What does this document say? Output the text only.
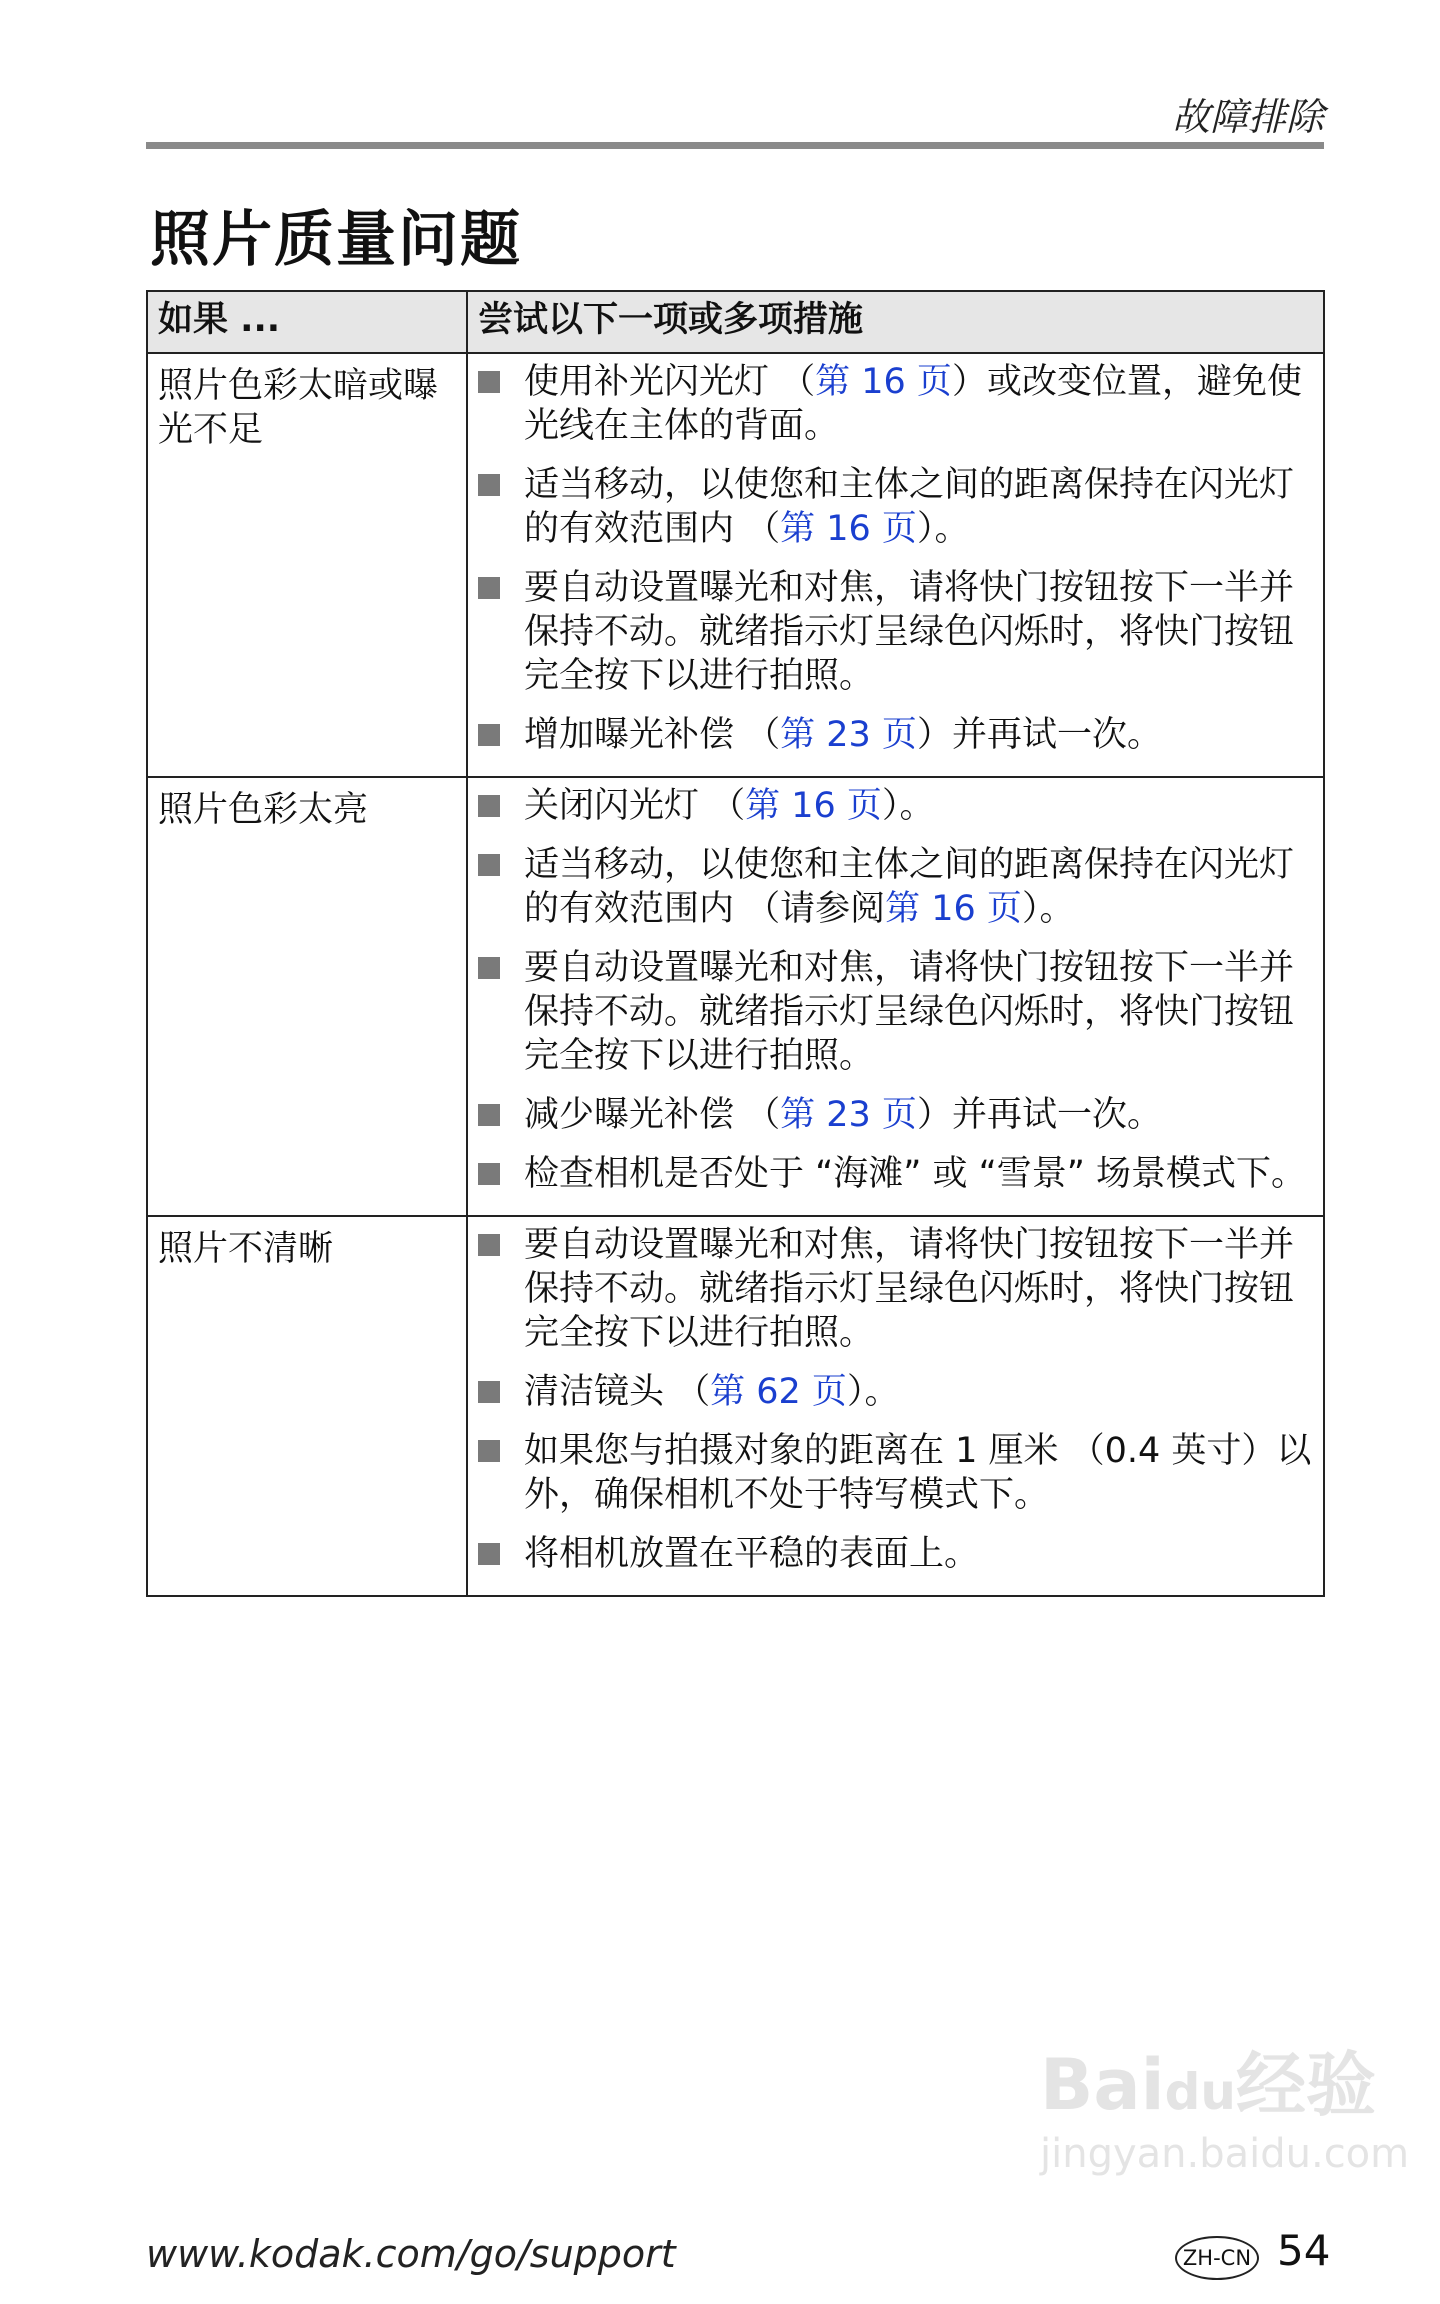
Baidu经验
jingyan.baidu.com
故障排除
照片质量问题
如果 ...	尝试以下一项或多项措施
照片色彩太暗或曝光不足	使用补光闪光灯 （第 16 页）或改变位置，避免使光线在主体的背面。
适当移动，以使您和主体之间的距离保持在闪光灯的有效范围内 （第 16 页）。
要自动设置曝光和对焦，请将快门按钮按下一半并保持不动。就绪指示灯呈绿色闪烁时，将快门按钮完全按下以进行拍照。
增加曝光补偿 （第 23 页）并再试一次。

照片色彩太亮	关闭闪光灯 （第 16 页）。
适当移动，以使您和主体之间的距离保持在闪光灯的有效范围内 （请参阅第 16 页）。
要自动设置曝光和对焦，请将快门按钮按下一半并保持不动。就绪指示灯呈绿色闪烁时，将快门按钮完全按下以进行拍照。
减少曝光补偿 （第 23 页）并再试一次。
检查相机是否处于 “海滩” 或 “雪景” 场景模式下。

照片不清晰	要自动设置曝光和对焦，请将快门按钮按下一半并保持不动。就绪指示灯呈绿色闪烁时，将快门按钮完全按下以进行拍照。
清洁镜头 （第 62 页）。
如果您与拍摄对象的距离在 1 厘米 （0.4 英寸）以外，确保相机不处于特写模式下。
将相机放置在平稳的表面上。
www.kodak.com/go/support	ZH-CN 54
